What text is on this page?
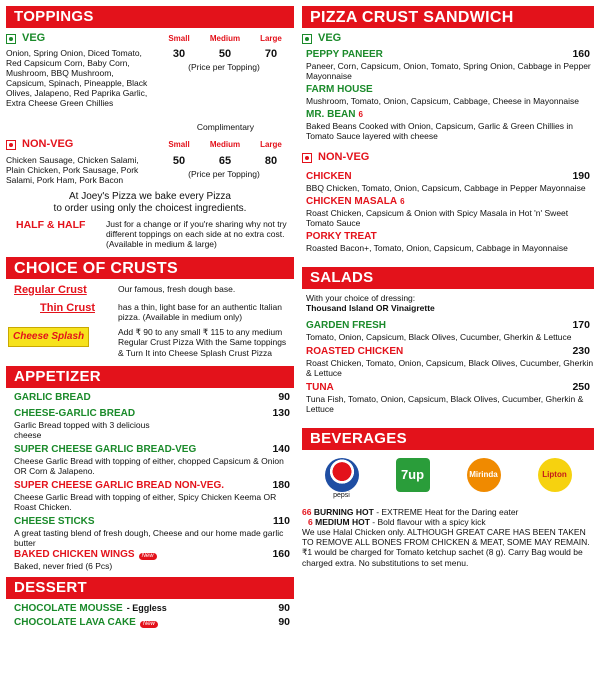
TOPPINGS
VEG	Small	Medium	Large
Onion, Spring Onion, Diced Tomato, Red Capsicum Corn, Baby Corn, Mushroom, BBQ Mushroom, Capsicum, Spinach, Pineapple, Black Olives, Jalapeno, Red Paprika Garlic, Extra Cheese Green Chillies
30	50	70
(Price per Topping)
Complimentary
NON-VEG	Small	Medium	Large
Chicken Sausage, Chicken Salami, Plain Chicken, Pork Sausage, Pork Salami, Pork Ham, Pork Bacon
50	65	80
(Price per Topping)
At Joey's Pizza we bake every Pizza
to order using only the choicest ingredients.
HALF & HALF	Just for a change or if you're sharing why not try different toppings on each side at no extra cost. (Available in medium & large)
CHOICE OF CRUSTS
Regular Crust	Our famous, fresh dough base.
Thin Crust	has a thin, light base for an authentic Italian pizza. (Available in medium only)
Cheese Splash	Add ₹ 90 to any small ₹ 115 to any medium Regular Crust Pizza With the Same toppings & Turn It into Cheese Splash Crust Pizza
APPETIZER
GARLIC BREAD	90
CHEESE-GARLIC BREAD	130
Garlic Bread topped with 3 delicious cheese
SUPER CHEESE GARLIC BREAD-VEG	140
Cheese Garlic Bread with topping of either, chopped Capsicum & Onion OR Corn & Jalapeno.
SUPER CHEESE GARLIC BREAD NON-VEG.	180
Cheese Garlic Bread with topping of either, Spicy Chicken Keema OR Roast Chicken.
CHEESE STICKS	110
A great tasting blend of fresh dough, Cheese and our home made garlic butter
BAKED CHICKEN WINGS	New	160
Baked, never fried (6 Pcs)
DESSERT
CHOCOLATE MOUSSE - Eggless	90
CHOCOLATE LAVA CAKE	New	90
PIZZA CRUST SANDWICH
VEG
PEPPY PANEER	160
Paneer, Corn, Capsicum, Onion, Tomato, Spring Onion, Cabbage in Pepper Mayonnaise
FARM HOUSE
Mushroom, Tomato, Onion, Capsicum, Cabbage, Cheese in Mayonnaise
MR. BEAN 6
Baked Beans Cooked with Onion, Capsicum, Garlic & Green Chillies in Tomato Sauce layered with cheese
NON-VEG
CHICKEN	190
BBQ Chicken, Tomato, Onion, Capsicum, Cabbage in Pepper Mayonnaise
CHICKEN MASALA 6
Roast Chicken, Capsicum & Onion with Spicy Masala in Hot 'n' Sweet Tomato Sauce
PORKY TREAT
Roasted Bacon+, Tomato, Onion, Capsicum, Cabbage in Mayonnaise
SALADS
With your choice of dressing:
Thousand Island OR Vinaigrette
GARDEN FRESH	170
Tomato, Onion, Capsicum, Black Olives, Cucumber, Gherkin & Lettuce
ROASTED CHICKEN	230
Roast Chicken, Tomato, Onion, Capsicum, Black Olives, Cucumber, Gherkin & Lettuce
TUNA	250
Tuna Fish, Tomato, Onion, Capsicum, Black Olives, Cucumber, Gherkin & Lettuce
BEVERAGES
pepsi
7up	Mirinda	Lipton
66 BURNING HOT - EXTREME Heat for the Daring eater
6 MEDIUM HOT - Bold flavour with a spicy kick
We use Halal Chicken only. ALTHOUGH GREAT CARE HAS BEEN TAKEN TO REMOVE ALL BONES FROM CHICKEN & MEAT, SOME MAY REMAIN. ₹1 would be charged for Tomato ketchup sachet (8 g). Carry Bag would be charged extra. No substitutions to set menu.
